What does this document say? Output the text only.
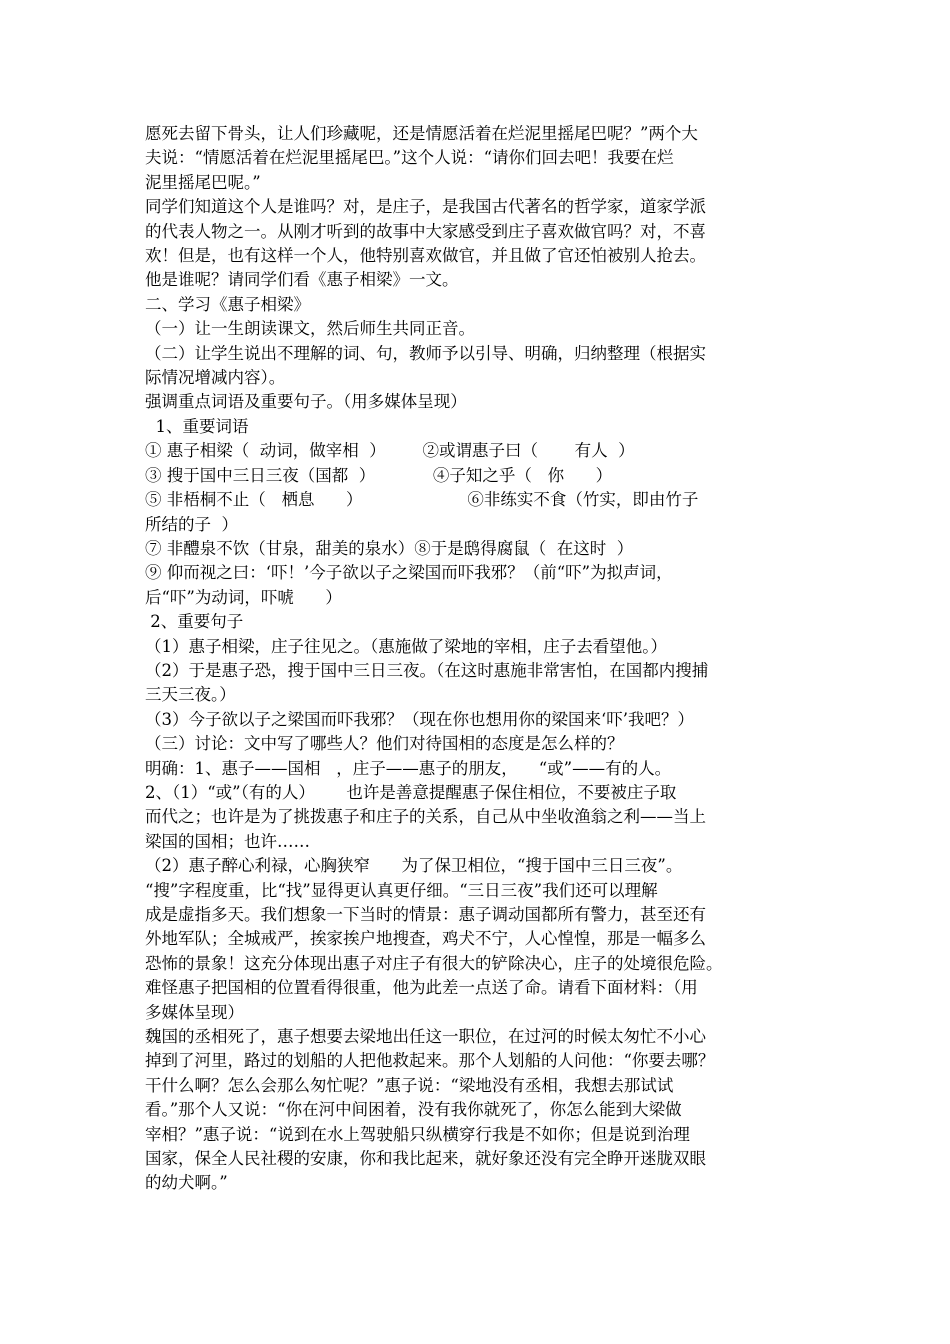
愿死去留下骨头，让人们珍藏呢，还是情愿活着在烂泥里摇尾巴呢？”两个大

夫说：“情愿活着在烂泥里摇尾巴。”这个人说：“请你们回去吧！我要在烂

泥里摇尾巴呢。”

同学们知道这个人是谁吗？对，是庄子，是我国古代著名的哲学家，道家学派

的代表人物之一。从刚才听到的故事中大家感受到庄子喜欢做官吗？对，不喜

欢！但是，也有这样一个人，他特别喜欢做官，并且做了官还怕被别人抢去。

他是谁呢？请同学们看《惠子相梁》一文。

二、学习《惠子相梁》

（一）让一生朗读课文，然后师生共同正音。

（二）让学生说出不理解的词、句，教师予以引导、明确，归纳整理（根据实

际情况增减内容）。

强调重点词语及重要句子。（用多媒体呈现）

1、重要词语

① 惠子相梁（  动词，做宰相  ）       ②或谓惠子曰（       有人  ）

③ 搜于国中三日三夜（国都  ）           ④子知之乎（   你      ）

⑤ 非梧桐不止（   栖息      ）                    ⑥非练实不食（竹实，即由竹子

所结的子  ）

⑦ 非醴泉不饮（甘泉，甜美的泉水）⑧于是鸱得腐鼠（  在这时  ）

⑨ 仰而视之曰：‘吓！’今子欲以子之梁国而吓我邪？（前“吓”为拟声词，

后“吓”为动词，吓唬      ）

2、重要句子

（1）惠子相梁，庄子往见之。（惠施做了梁地的宰相，庄子去看望他。）

（2）于是惠子恐，搜于国中三日三夜。（在这时惠施非常害怕，在国都内搜捕

三天三夜。）

（3）今子欲以子之梁国而吓我邪？（现在你也想用你的梁国来‘吓’我吧？）

（三）讨论：文中写了哪些人？他们对待国相的态度是怎么样的？

明确：1、惠子——国相   ，庄子——惠子的朋友，    “或”——有的人。

2、（1）“或”（有的人）      也许是善意提醒惠子保住相位，不要被庄子取

而代之；也许是为了挑拨惠子和庄子的关系，自己从中坐收渔翁之利——当上

梁国的国相；也许……

（2）惠子醉心利禄，心胸狭窄      为了保卫相位，“搜于国中三日三夜”。

“搜”字程度重，比“找”显得更认真更仔细。“三日三夜”我们还可以理解

成是虚指多天。我们想象一下当时的情景：惠子调动国都所有警力，甚至还有

外地军队；全城戒严，挨家挨户地搜查，鸡犬不宁，人心惶惶，那是一幅多么

恐怖的景象！这充分体现出惠子对庄子有很大的铲除决心，庄子的处境很危险。

难怪惠子把国相的位置看得很重，他为此差一点送了命。请看下面材料：（用

多媒体呈现）

魏国的丞相死了，惠子想要去梁地出任这一职位，在过河的时候太匆忙不小心

掉到了河里，路过的划船的人把他救起来。那个人划船的人问他：“你要去哪？

干什么啊？怎么会那么匆忙呢？”惠子说：“梁地没有丞相，我想去那试试

看。”那个人又说：“你在河中间困着，没有我你就死了，你怎么能到大梁做

宰相？”惠子说：“说到在水上驾驶船只纵横穿行我是不如你；但是说到治理

国家，保全人民社稷的安康，你和我比起来，就好象还没有完全睁开迷胧双眼

的幼犬啊。”
